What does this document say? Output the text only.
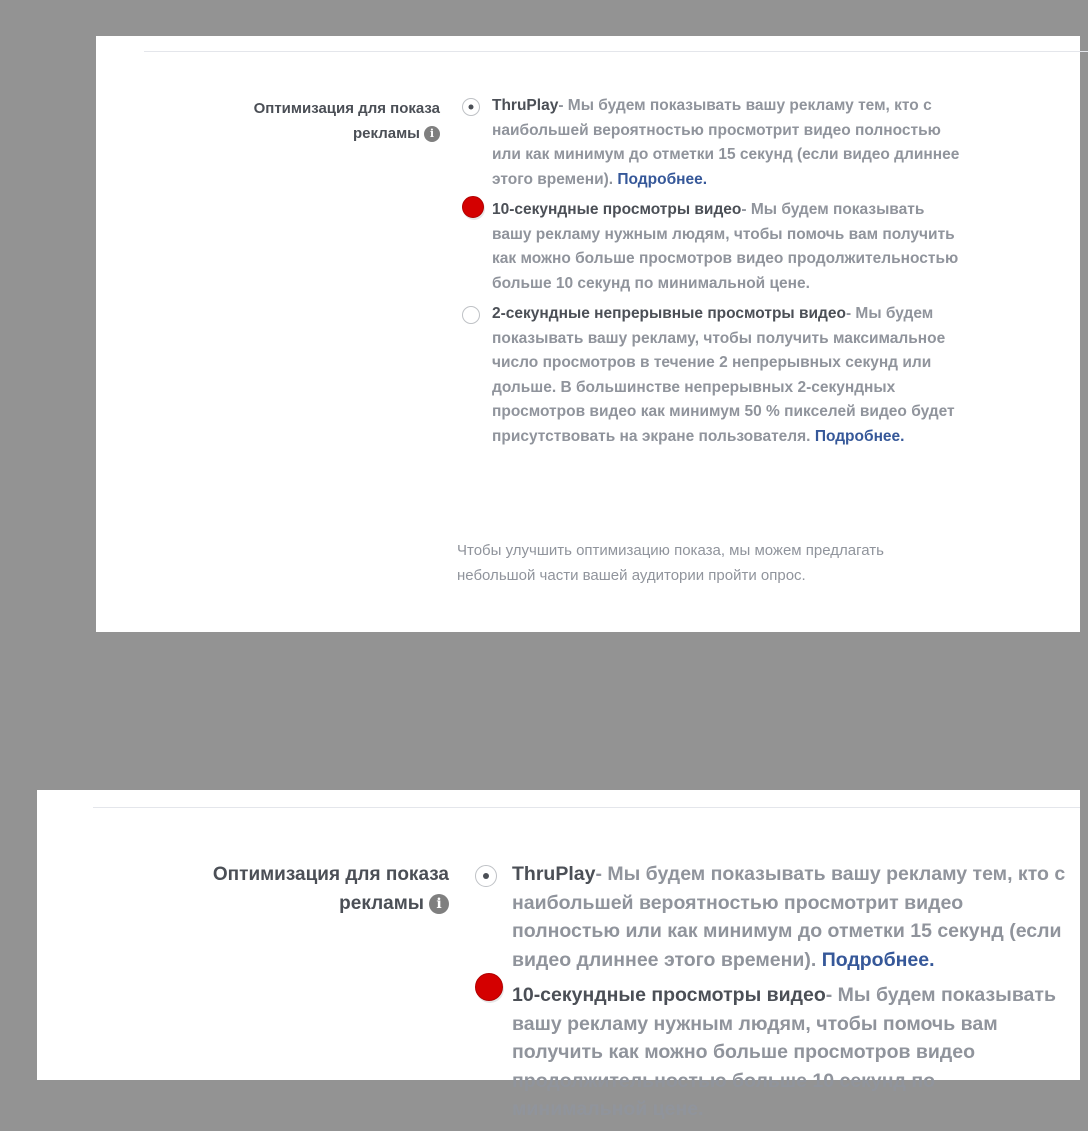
Оптимизация для показа
рекламы i
ThruPlay- Мы будем показывать вашу рекламу тем, кто с наибольшей вероятностью просмотрит видео полностью или как минимум до отметки 15 секунд (если видео длиннее этого времени). Подробнее.
10-секундные просмотры видео- Мы будем показывать вашу рекламу нужным людям, чтобы помочь вам получить как можно больше просмотров видео продолжительностью больше 10 секунд по минимальной цене.
2-секундные непрерывные просмотры видео- Мы будем показывать вашу рекламу, чтобы получить максимальное число просмотров в течение 2 непрерывных секунд или дольше. В большинстве непрерывных 2-секундных просмотров видео как минимум 50 % пикселей видео будет присутствовать на экране пользователя. Подробнее.
Чтобы улучшить оптимизацию показа, мы можем предлагать небольшой части вашей аудитории пройти опрос.
Оптимизация для показа
рекламы i
ThruPlay- Мы будем показывать вашу рекламу тем, кто с наибольшей вероятностью просмотрит видео полностью или как минимум до отметки 15 секунд (если видео длиннее этого времени). Подробнее.
10-секундные просмотры видео- Мы будем показывать вашу рекламу нужным людям, чтобы помочь вам получить как можно больше просмотров видео продолжительностью больше 10 секунд по минимальной цене.
